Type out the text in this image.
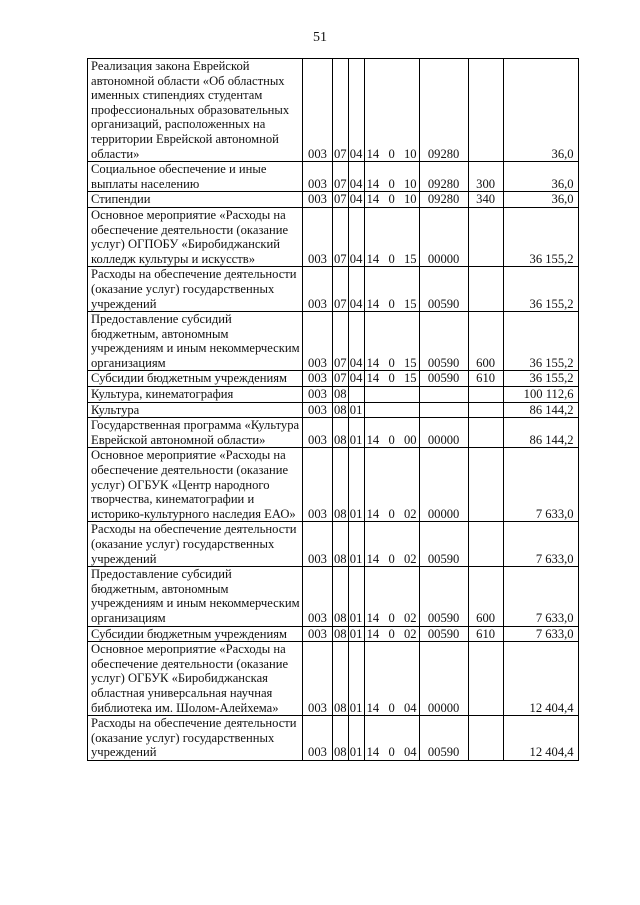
51
Реализация закона Еврейской автономной области «Об областных именных стипендиях студентам профессиональных образовательных организаций, расположенных на территории Еврейской автономной области»	003	07	04	14 0 10	09280		36,0
Социальное обеспечение и иные выплаты населению	003	07	04	14 0 10	09280	300	36,0
Стипендии	003	07	04	14 0 10	09280	340	36,0
Основное мероприятие «Расходы на обеспечение деятельности (оказание услуг) ОГПОБУ «Биробиджанский колледж культуры и искусств»	003	07	04	14 0 15	00000		36 155,2
Расходы на обеспечение деятельности (оказание услуг) государственных учреждений	003	07	04	14 0 15	00590		36 155,2
Предоставление субсидий бюджетным, автономным учреждениям и иным некоммерческим организациям	003	07	04	14 0 15	00590	600	36 155,2
Субсидии бюджетным учреждениям	003	07	04	14 0 15	00590	610	36 155,2
Культура, кинематография	003	08					100 112,6
Культура	003	08	01				86 144,2
Государственная программа «Культура Еврейской автономной области»	003	08	01	14 0 00	00000		86 144,2
Основное мероприятие «Расходы на обеспечение деятельности (оказание услуг) ОГБУК «Центр народного творчества, кинематографии и историко-культурного наследия ЕАО»	003	08	01	14 0 02	00000		7 633,0
Расходы на обеспечение деятельности (оказание услуг) государственных учреждений	003	08	01	14 0 02	00590		7 633,0
Предоставление субсидий бюджетным, автономным учреждениям и иным некоммерческим организациям	003	08	01	14 0 02	00590	600	7 633,0
Субсидии бюджетным учреждениям	003	08	01	14 0 02	00590	610	7 633,0
Основное мероприятие «Расходы на обеспечение деятельности (оказание услуг) ОГБУК «Биробиджанская областная универсальная научная библиотека им. Шолом-Алейхема»	003	08	01	14 0 04	00000		12 404,4
Расходы на обеспечение деятельности (оказание услуг) государственных учреждений	003	08	01	14 0 04	00590		12 404,4
